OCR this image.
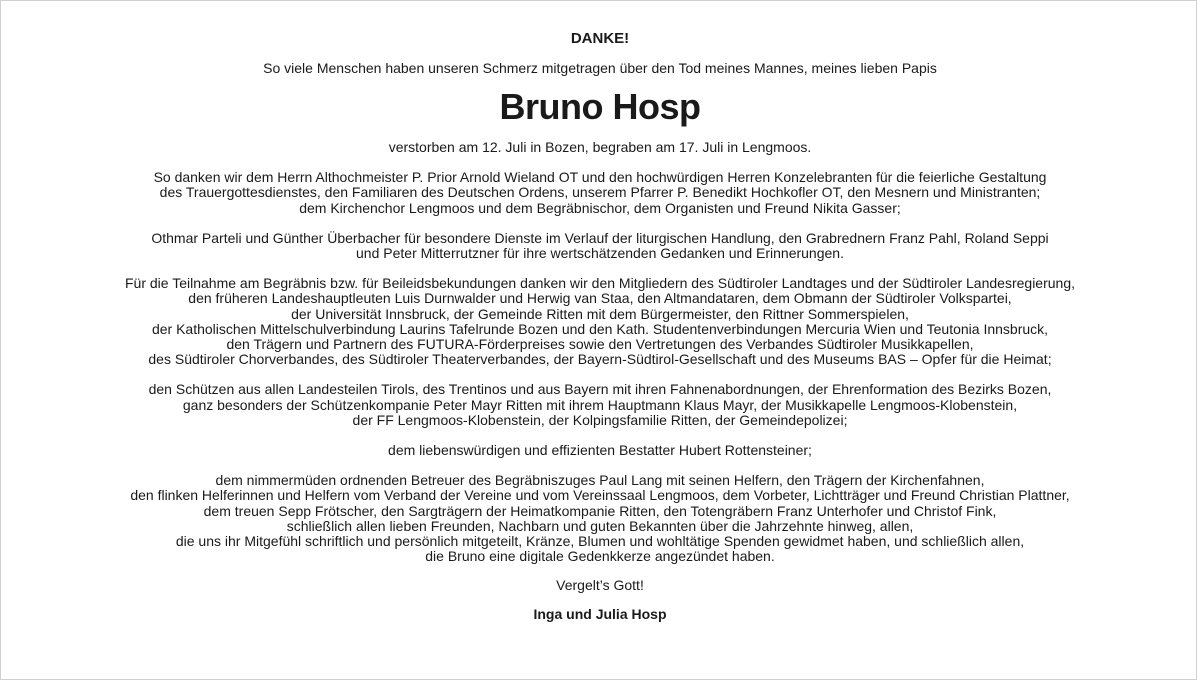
DANKE!

So viele Menschen haben unseren Schmerz mitgetragen über den Tod meines Mannes, meines lieben Papis

Bruno Hosp

verstorben am 12. Juli in Bozen, begraben am 17. Juli in Lengmoos.

So danken wir dem Herrn Althochmeister P. Prior Arnold Wieland OT und den hochwürdigen Herren Konzelebranten für die feierliche Gestaltung
des Trauergottesdienstes, den Familiaren des Deutschen Ordens, unserem Pfarrer P. Benedikt Hochkofler OT, den Mesnern und Ministranten;
dem Kirchenchor Lengmoos und dem Begräbnischor, dem Organisten und Freund Nikita Gasser;
Othmar Parteli und Günther Überbacher für besondere Dienste im Verlauf der liturgischen Handlung, den Grabrednern Franz Pahl, Roland Seppi
und Peter Mitterrutzner für ihre wertschätzenden Gedanken und Erinnerungen.
Für die Teilnahme am Begräbnis bzw. für Beileidsbekundungen danken wir den Mitgliedern des Südtiroler Landtages und der Südtiroler Landesregierung,
den früheren Landeshauptleuten Luis Durnwalder und Herwig van Staa, den Altmandataren, dem Obmann der Südtiroler Volkspartei,
der Universität Innsbruck, der Gemeinde Ritten mit dem Bürgermeister, den Rittner Sommerspielen,
der Katholischen Mittelschulverbindung Laurins Tafelrunde Bozen und den Kath. Studentenverbindungen Mercuria Wien und Teutonia Innsbruck,
den Trägern und Partnern des FUTURA-Förderpreises sowie den Vertretungen des Verbandes Südtiroler Musikkapellen,
des Südtiroler Chorverbandes, des Südtiroler Theaterverbandes, der Bayern-Südtirol-Gesellschaft und des Museums BAS – Opfer für die Heimat;
den Schützen aus allen Landesteilen Tirols, des Trentinos und aus Bayern mit ihren Fahnenabordnungen, der Ehrenformation des Bezirks Bozen,
ganz besonders der Schützenkompanie Peter Mayr Ritten mit ihrem Hauptmann Klaus Mayr, der Musikkapelle Lengmoos-Klobenstein,
der FF Lengmoos-Klobenstein, der Kolpingsfamilie Ritten, der Gemeindepolizei;
dem liebenswürdigen und effizienten Bestatter Hubert Rottensteiner;
dem nimmermüden ordnenden Betreuer des Begräbniszuges Paul Lang mit seinen Helfern, den Trägern der Kirchenfahnen,
den flinken Helferinnen und Helfern vom Verband der Vereine und vom Vereinssaal Lengmoos, dem Vorbeter, Lichtträger und Freund Christian Plattner,
dem treuen Sepp Frötscher, den Sargträgern der Heimatkompanie Ritten, den Totengräbern Franz Unterhofer und Christof Fink,
schließlich allen lieben Freunden, Nachbarn und guten Bekannten über die Jahrzehnte hinweg, allen,
die uns ihr Mitgefühl schriftlich und persönlich mitgeteilt, Kränze, Blumen und wohltätige Spenden gewidmet haben, und schließlich allen,
die Bruno eine digitale Gedenkkerze angezündet haben.

Vergelt’s Gott!

Inga und Julia Hosp
